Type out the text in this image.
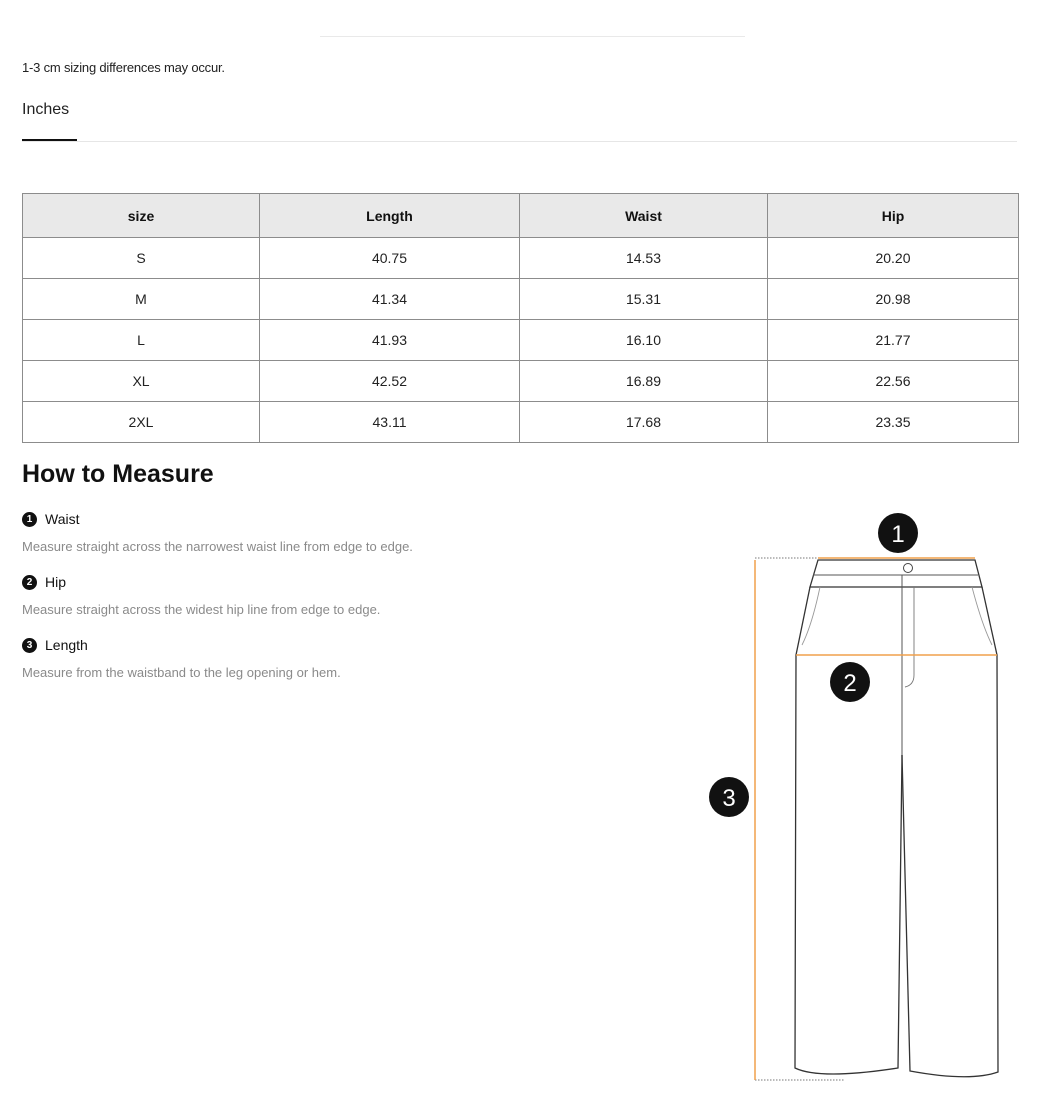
1-3 cm sizing differences may occur.
Inches
size	Length	Waist	Hip
S	40.75	14.53	20.20
M	41.34	15.31	20.98
L	41.93	16.10	21.77
XL	42.52	16.89	22.56
2XL	43.11	17.68	23.35
How to Measure
1 Waist
Measure straight across the narrowest waist line from edge to edge.
2 Hip
Measure straight across the widest hip line from edge to edge.
3 Length
Measure from the waistband to the leg opening or hem.
1
2
3
